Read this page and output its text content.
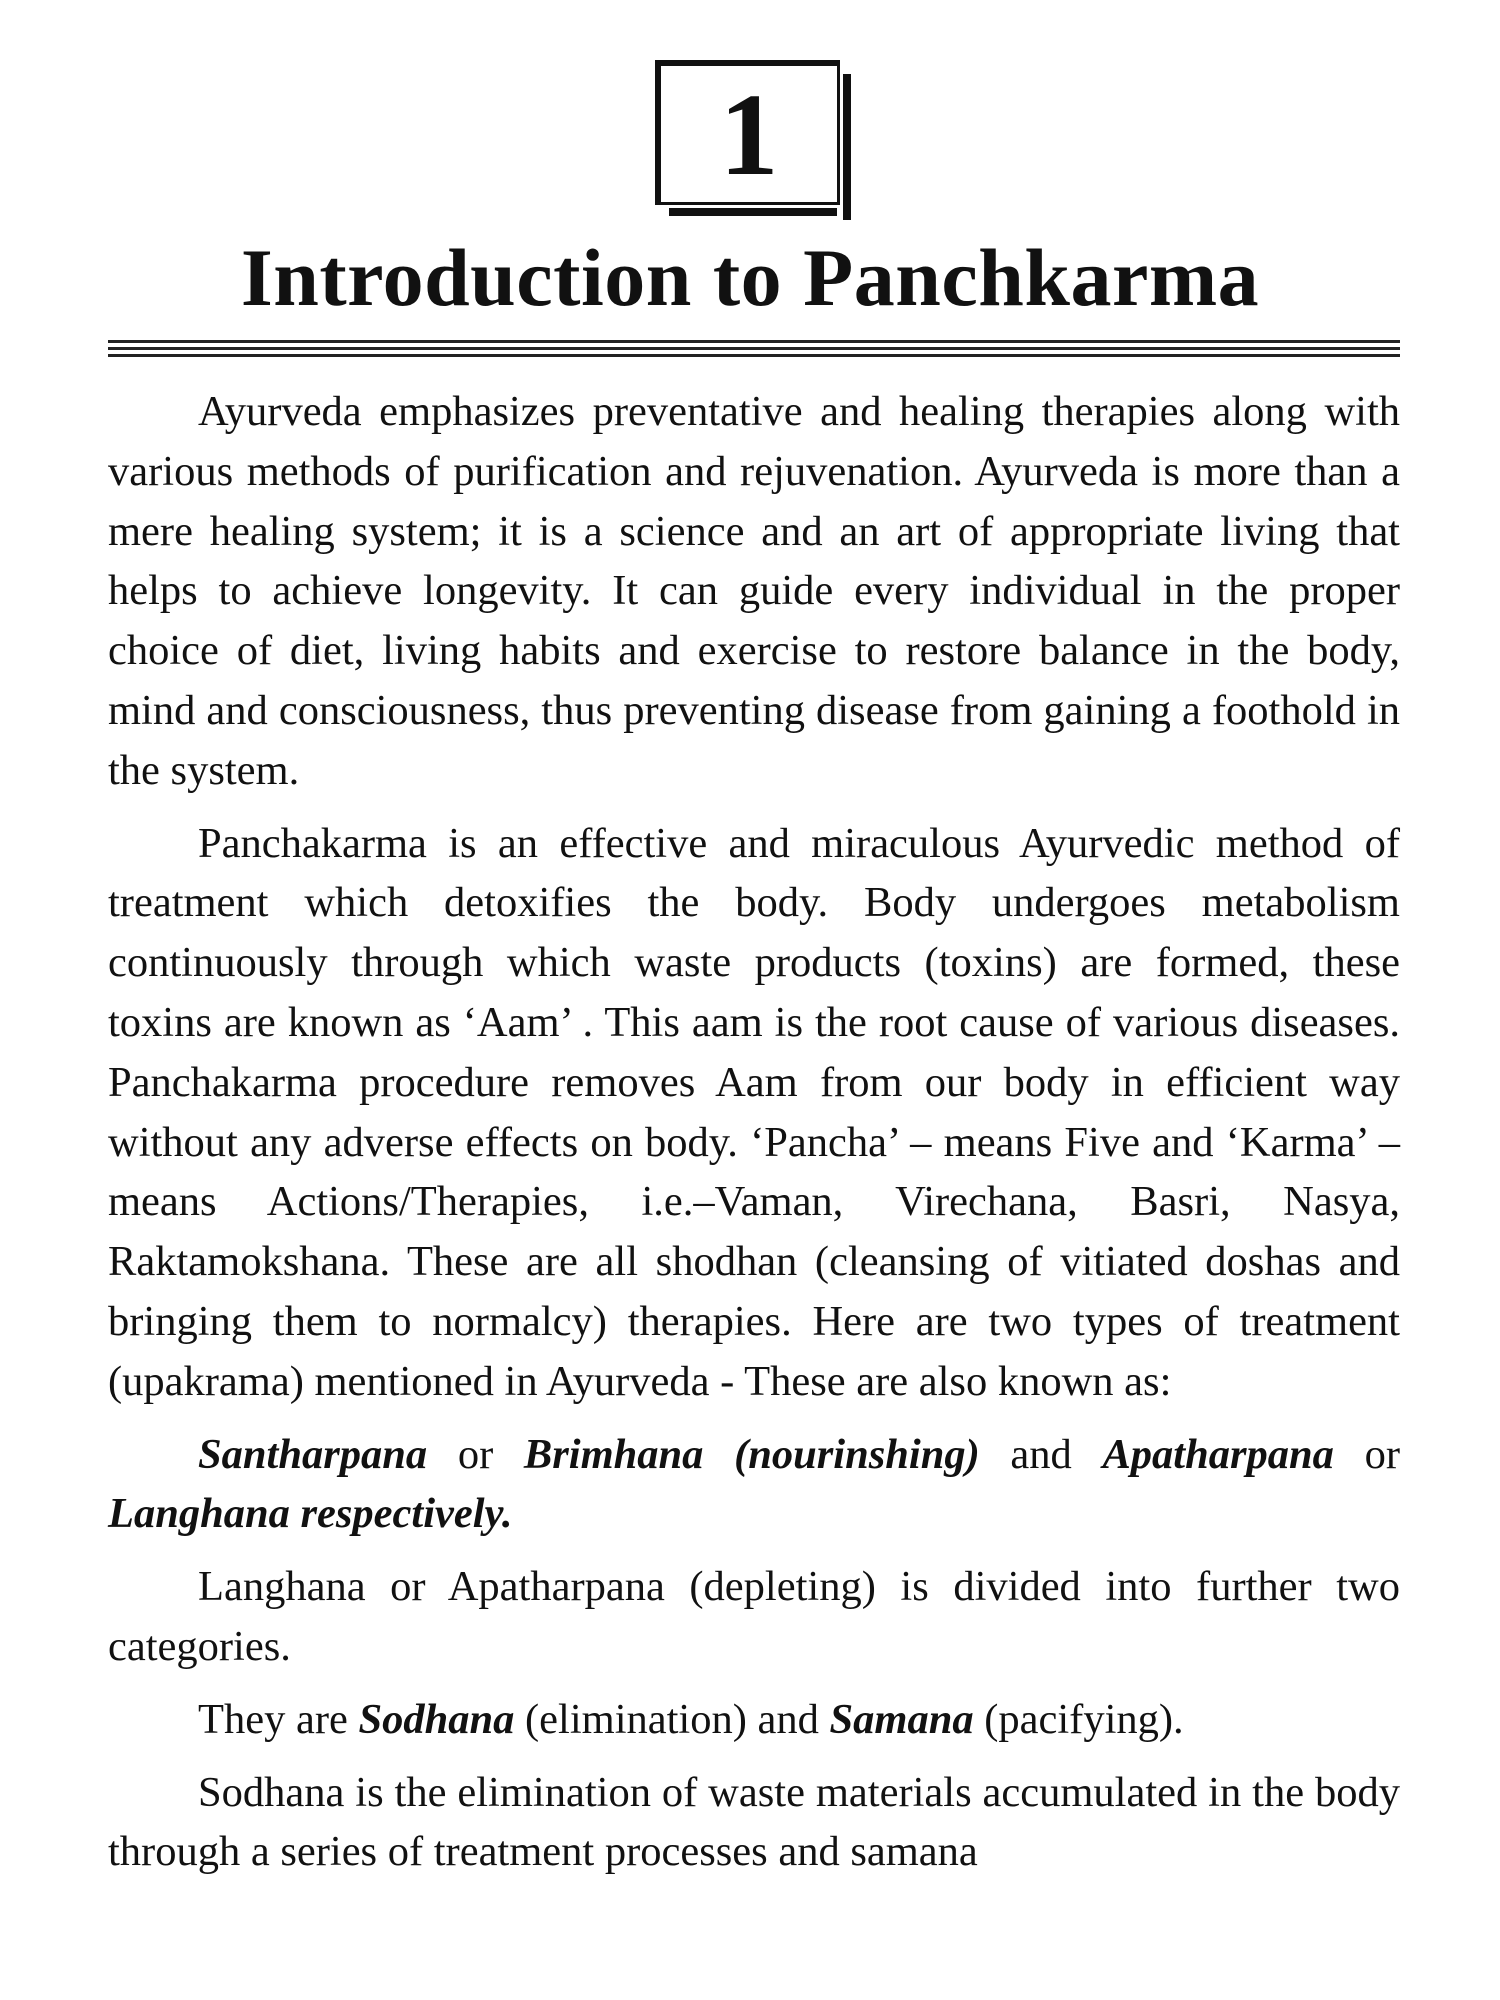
1
Introduction to Panchkarma

Ayurveda emphasizes preventative and healing therapies along with various methods of purification and rejuvenation. Ayurveda is more than a mere healing system; it is a science and an art of appropriate living that helps to achieve longevity. It can guide every individual in the proper choice of diet, living habits and exercise to restore balance in the body, mind and consciousness, thus preventing disease from gaining a foothold in the system.

Panchakarma is an effective and miraculous Ayurvedic method of treatment which detoxifies the body. Body undergoes metabolism continuously through which waste products (toxins) are formed, these toxins are known as ‘Aam’ . This aam is the root cause of various diseases. Panchakarma procedure removes Aam from our body in efficient way without any adverse effects on body. ‘Pancha’ – means Five and ‘Karma’ – means Actions/Therapies, i.e.–Vaman, Virechana, Basri, Nasya, Raktamokshana. These are all shodhan (cleansing of vitiated doshas and bringing them to normalcy) therapies. Here are two types of treatment (upakrama) mentioned in Ayurveda - These are also known as:

Santharpana or Brimhana (nourinshing) and Apatharpana or Langhana respectively.

Langhana or Apatharpana (depleting) is divided into further two categories.

They are Sodhana (elimination) and Samana (pacifying).

Sodhana is the elimination of waste materials accumulated in the body through a series of treatment processes and samana
